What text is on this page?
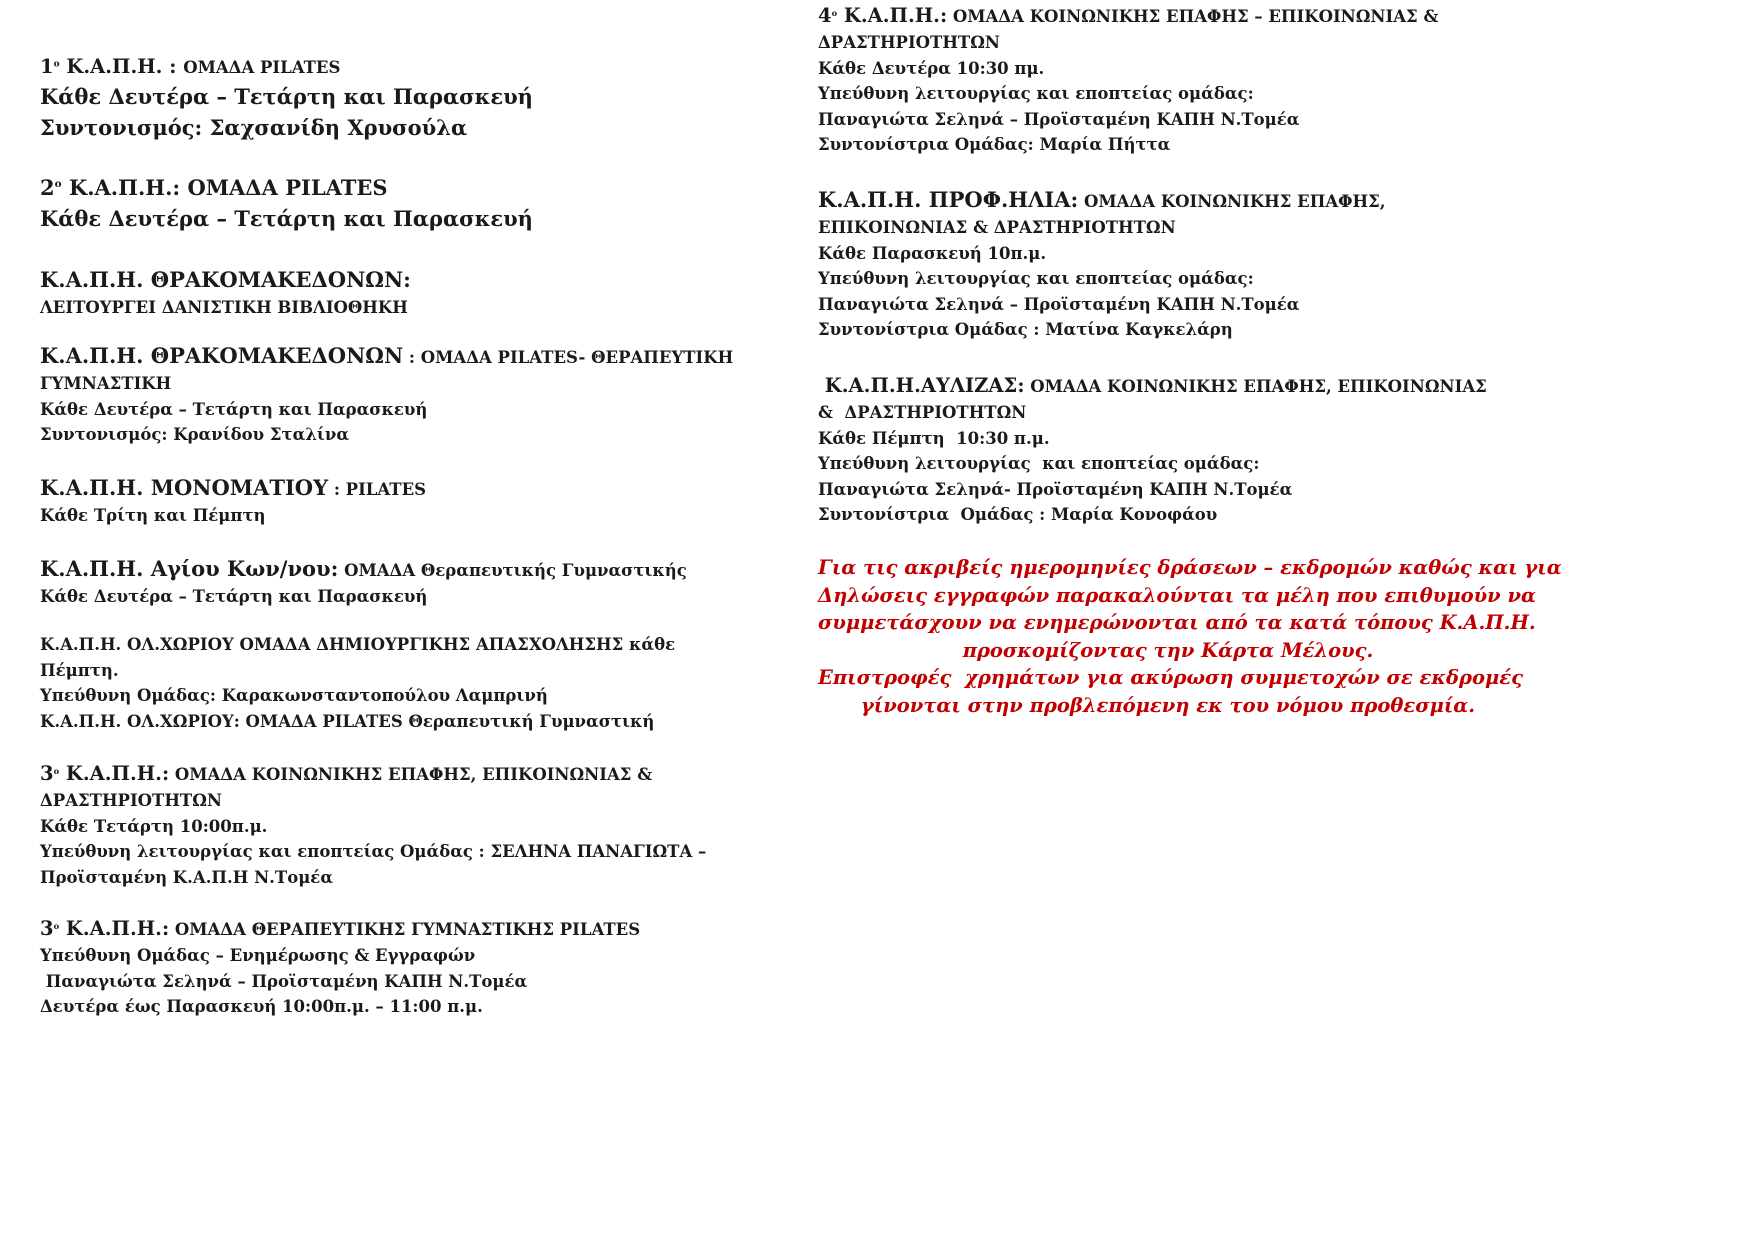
$1^o$ Κ.Α.Π.Η. : ΟΜΑΔΑ PILATES
Κάθε Δευτέρα – Τετάρτη και Παρασκευή
Συντονισμός: Σαχσανίδη Χρυσούλα
$2^o$ Κ.Α.Π.Η.: ΟΜΑΔΑ PILATES
Κάθε Δευτέρα – Τετάρτη και Παρασκευή
Κ.Α.Π.Η. ΘΡΑΚΟΜΑΚΕΔΟΝΩΝ:
ΛΕΙΤΟΥΡΓΕΙ ΔΑΝΙΣΤΙΚΗ ΒΙΒΛΙΟΘΗΚΗ
Κ.Α.Π.Η. ΘΡΑΚΟΜΑΚΕΔΟΝΩΝ : ΟΜΑΔΑ PILATES- ΘΕΡΑΠΕΥΤΙΚΗ
ΓΥΜΝΑΣΤΙΚΗ
Κάθε Δευτέρα – Τετάρτη και Παρασκευή
Συντονισμός: Κρανίδου Σταλίνα
Κ.Α.Π.Η. ΜΟΝΟΜΑΤΙΟΥ : PILATES
Κάθε Τρίτη και Πέμπτη
Κ.Α.Π.Η. Αγίου Κων/νου: ΟΜΑΔΑ Θεραπευτικής Γυμναστικής
Κάθε Δευτέρα – Τετάρτη και Παρασκευή
Κ.Α.Π.Η. ΟΛ.ΧΩΡΙΟΥ ΟΜΑΔΑ ΔΗΜΙΟΥΡΓΙΚΗΣ ΑΠΑΣΧΟΛΗΣΗΣ κάθε
Πέμπτη.
Υπεύθυνη Ομάδας: Καρακωνσταντοπούλου Λαμπρινή
Κ.Α.Π.Η. ΟΛ.ΧΩΡΙΟΥ: ΟΜΑΔΑ PILATES Θεραπευτική Γυμναστική
$3^o$ Κ.Α.Π.Η.: ΟΜΑΔΑ ΚΟΙΝΩΝΙΚΗΣ ΕΠΑΦΗΣ, ΕΠΙΚΟΙΝΩΝΙΑΣ &
ΔΡΑΣΤΗΡΙΟΤΗΤΩΝ
Κάθε Τετάρτη 10:00π.μ.
Υπεύθυνη λειτουργίας και εποπτείας Ομάδας : ΣΕΛΗΝΑ ΠΑΝΑΓΙΩΤΑ –
Προϊσταμένη Κ.Α.Π.Η Ν.Τομέα
$3^o$ Κ.Α.Π.Η.: ΟΜΑΔΑ ΘΕΡΑΠΕΥΤΙΚΗΣ ΓΥΜΝΑΣΤΙΚΗΣ PILATES
Υπεύθυνη Ομάδας – Ενημέρωσης & Εγγραφών
Παναγιώτα Σεληνά – Προϊσταμένη ΚΑΠΗ Ν.Τομέα
Δευτέρα έως Παρασκευή 10:00π.μ. – 11:00 π.μ.
$4^o$ Κ.Α.Π.Η.: ΟΜΑΔΑ ΚΟΙΝΩΝΙΚΗΣ ΕΠΑΦΗΣ – ΕΠΙΚΟΙΝΩΝΙΑΣ &
ΔΡΑΣΤΗΡΙΟΤΗΤΩΝ
Κάθε Δευτέρα 10:30 πμ.
Υπεύθυνη λειτουργίας και εποπτείας ομάδας:
Παναγιώτα Σεληνά – Προϊσταμένη ΚΑΠΗ Ν.Τομέα
Συντονίστρια Ομάδας: Μαρία Πήττα
Κ.Α.Π.Η. ΠΡΟΦ.ΗΛΙΑ: ΟΜΑΔΑ ΚΟΙΝΩΝΙΚΗΣ ΕΠΑΦΗΣ,
ΕΠΙΚΟΙΝΩΝΙΑΣ & ΔΡΑΣΤΗΡΙΟΤΗΤΩΝ
Κάθε Παρασκευή 10π.μ.
Υπεύθυνη λειτουργίας και εποπτείας ομάδας:
Παναγιώτα Σεληνά – Προϊσταμένη ΚΑΠΗ Ν.Τομέα
Συντονίστρια Ομάδας : Ματίνα Καγκελάρη
Κ.Α.Π.Η.ΑΥΛΙΖΑΣ: ΟΜΑΔΑ ΚΟΙΝΩΝΙΚΗΣ ΕΠΑΦΗΣ, ΕΠΙΚΟΙΝΩΝΙΑΣ
&  ΔΡΑΣΤΗΡΙΟΤΗΤΩΝ
Κάθε Πέμπτη  10:30 π.μ.
Υπεύθυνη λειτουργίας  και εποπτείας ομάδας:
Παναγιώτα Σεληνά- Προϊσταμένη ΚΑΠΗ Ν.Τομέα
Συντονίστρια  Ομάδας : Μαρία Κονοφάου
Για τις ακριβείς ημερομηνίες δράσεων – εκδρομών καθώς και για
Δηλώσεις εγγραφών παρακαλούνται τα μέλη που επιθυμούν να
συμμετάσχουν να ενημερώνονται από τα κατά τόπους Κ.Α.Π.Η.
προσκομίζοντας την Κάρτα Μέλους.
Επιστροφές  χρημάτων για ακύρωση συμμετοχών σε εκδρομές
γίνονται στην προβλεπόμενη εκ του νόμου προθεσμία.
